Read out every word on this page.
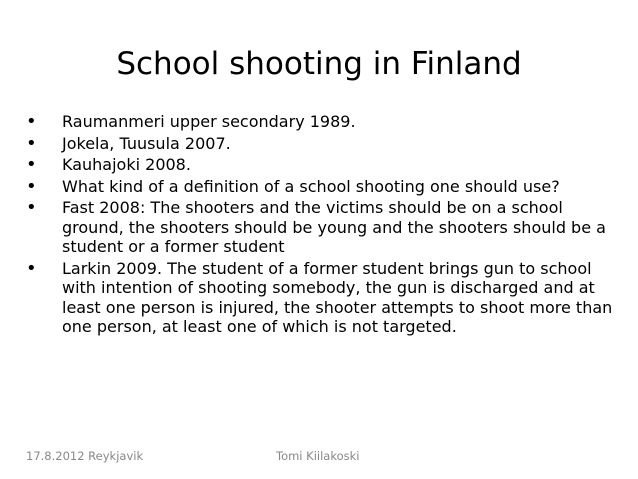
School shooting in Finland
• Raumanmeri upper secondary 1989.
• Jokela, Tuusula 2007.
• Kauhajoki 2008.
• What kind of a definition of a school shooting one should use?
• Fast 2008: The shooters and the victims should be on a school ground, the shooters should be young and the shooters should be a student or a former student
• Larkin 2009. The student of a former student brings gun to school with intention of shooting somebody, the gun is discharged and at least one person is injured, the shooter attempts to shoot more than one person, at least one of which is not targeted.
17.8.2012 Reykjavik	Tomi Kiilakoski
